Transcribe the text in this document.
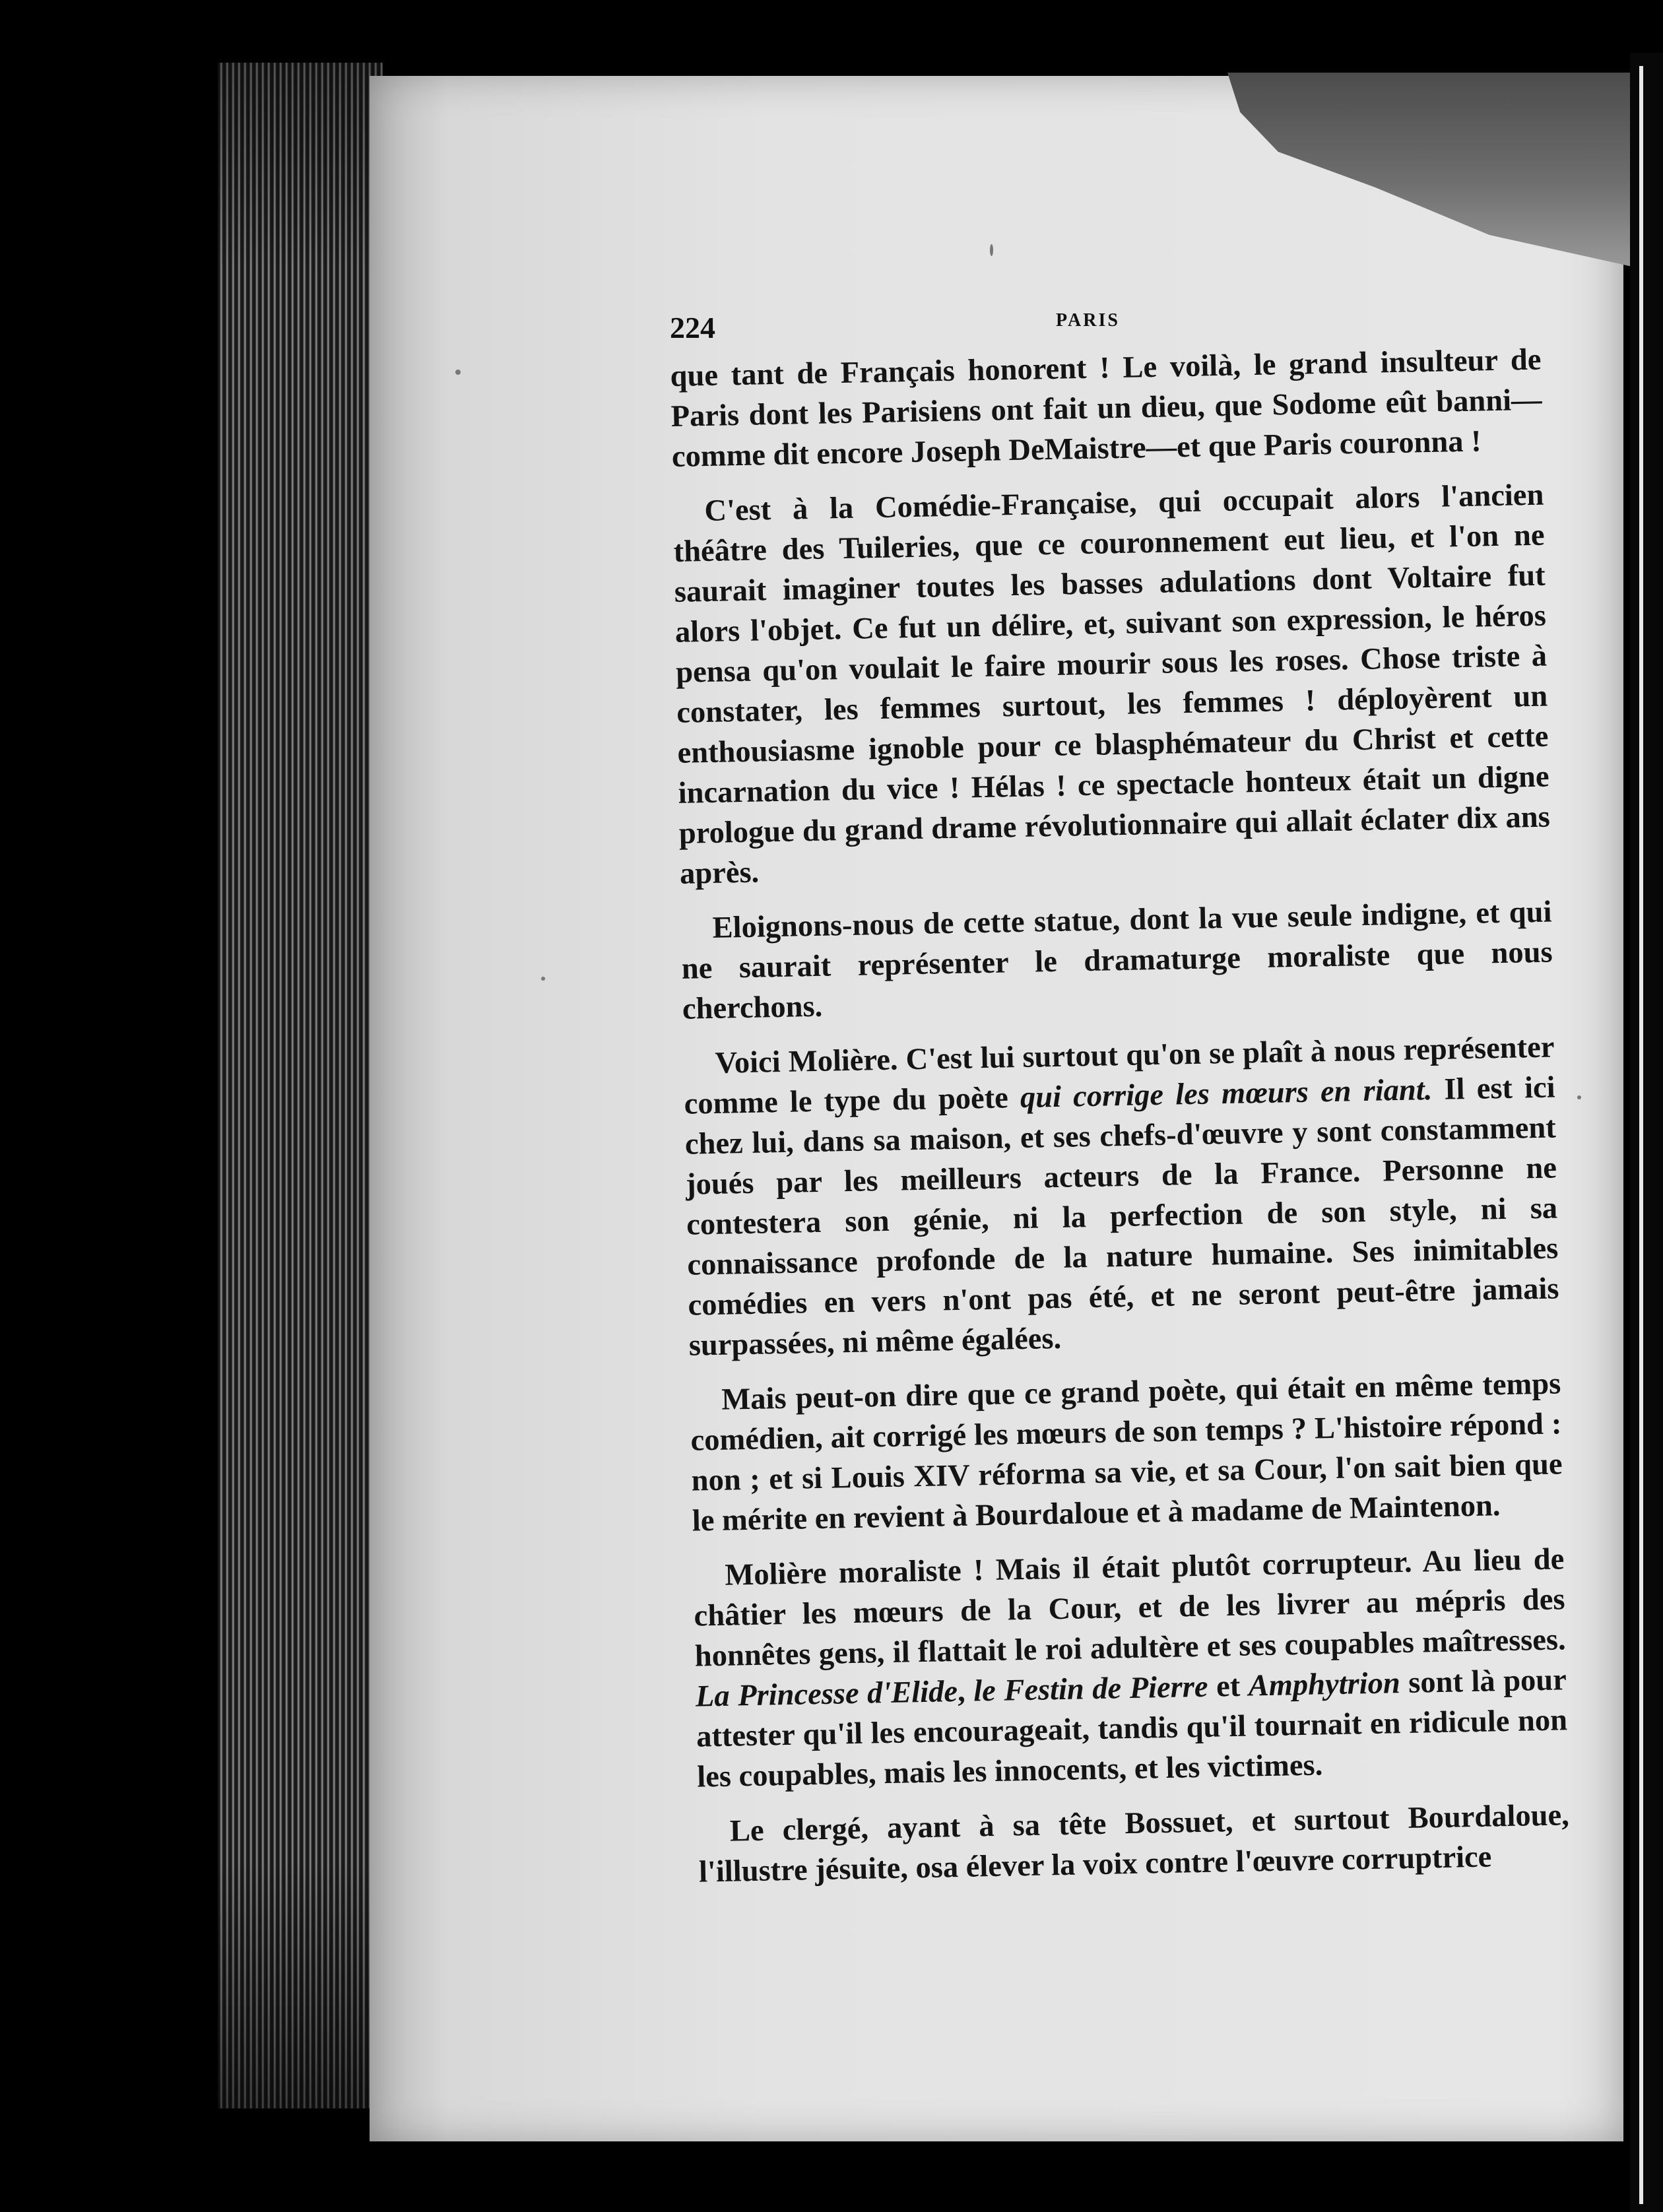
224	PARIS

que tant de Français honorent ! Le voilà, le grand insulteur de Paris dont les Parisiens ont fait un dieu, que Sodome eût banni—comme dit encore Joseph DeMaistre—et que Paris couronna !

C'est à la Comédie-Française, qui occupait alors l'ancien théâtre des Tuileries, que ce couronnement eut lieu, et l'on ne saurait imaginer toutes les basses adulations dont Voltaire fut alors l'objet. Ce fut un délire, et, suivant son expression, le héros pensa qu'on voulait le faire mourir sous les roses. Chose triste à constater, les femmes surtout, les femmes ! déployèrent un enthousiasme ignoble pour ce blasphémateur du Christ et cette incarnation du vice ! Hélas ! ce spectacle honteux était un digne prologue du grand drame révolutionnaire qui allait éclater dix ans après.

Eloignons-nous de cette statue, dont la vue seule indigne, et qui ne saurait représenter le dramaturge moraliste que nous cherchons.

Voici Molière. C'est lui surtout qu'on se plaît à nous représenter comme le type du poète qui corrige les mœurs en riant. Il est ici chez lui, dans sa maison, et ses chefs-d'œuvre y sont constamment joués par les meilleurs acteurs de la France. Personne ne contestera son génie, ni la perfection de son style, ni sa connaissance profonde de la nature humaine. Ses inimitables comédies en vers n'ont pas été, et ne seront peut-être jamais surpassées, ni même égalées.

Mais peut-on dire que ce grand poète, qui était en même temps comédien, ait corrigé les mœurs de son temps ? L'histoire répond : non ; et si Louis XIV réforma sa vie, et sa Cour, l'on sait bien que le mérite en revient à Bourdaloue et à madame de Maintenon.

Molière moraliste ! Mais il était plutôt corrupteur. Au lieu de châtier les mœurs de la Cour, et de les livrer au mépris des honnêtes gens, il flattait le roi adultère et ses coupables maîtresses. La Princesse d'Elide, le Festin de Pierre et Amphytrion sont là pour attester qu'il les encourageait, tandis qu'il tournait en ridicule non les coupables, mais les innocents, et les victimes.

Le clergé, ayant à sa tête Bossuet, et surtout Bourdaloue, l'illustre jésuite, osa élever la voix contre l'œuvre corruptrice
